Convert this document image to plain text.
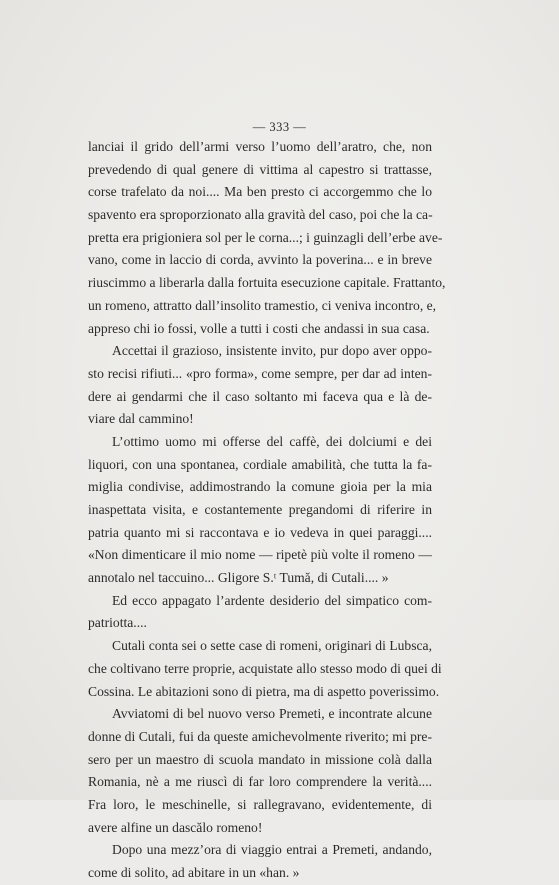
— 333 —
lanciai il grido dell’armi verso l’uomo dell’aratro, che, non
prevedendo di qual genere di vittima al capestro si trattasse,
corse trafelato da noi.... Ma ben presto ci accorgemmo che lo
spavento era sproporzionato alla gravità del caso, poi che la ca-
pretta era prigioniera sol per le corna...; i guinzagli dell’erbe ave-
vano, come in laccio di corda, avvinto la poverina... e in breve
riuscimmo a liberarla dalla fortuita esecuzione capitale. Frattanto,
un romeno, attratto dall’insolito tramestio, ci veniva incontro, e,
appreso chi io fossi, volle a tutti i costi che andassi in sua casa.
Accettai il grazioso, insistente invito, pur dopo aver oppo-
sto recisi rifiuti... «pro forma», come sempre, per dar ad inten-
dere ai gendarmi che il caso soltanto mi faceva qua e là de-
viare dal cammino!
L’ottimo uomo mi offerse del caffè, dei dolciumi e dei
liquori, con una spontanea, cordiale amabilità, che tutta la fa-
miglia condivise, addimostrando la comune gioia per la mia
inaspettata visita, e costantemente pregandomi di riferire in
patria quanto mi si raccontava e io vedeva in quei paraggi....
«Non dimenticare il mio nome — ripetè più volte il romeno —
annotalo nel taccuino... Gligore S.ᵗ Tumă, di Cutali.... »
Ed ecco appagato l’ardente desiderio del simpatico com-
patriotta....
Cutali conta sei o sette case di romeni, originari di Lubsca,
che coltivano terre proprie, acquistate allo stesso modo di quei di
Cossina. Le abitazioni sono di pietra, ma di aspetto poverissimo.
Avviatomi di bel nuovo verso Premeti, e incontrate alcune
donne di Cutali, fui da queste amichevolmente riverito; mi pre-
sero per un maestro di scuola mandato in missione colà dalla
Romania, nè a me riuscì di far loro comprendere la verità....
Fra loro, le meschinelle, si rallegravano, evidentemente, di
avere alfine un dascălo romeno!
Dopo una mezz’ora di viaggio entrai a Premeti, andando,
come di solito, ad abitare in un «han. »
